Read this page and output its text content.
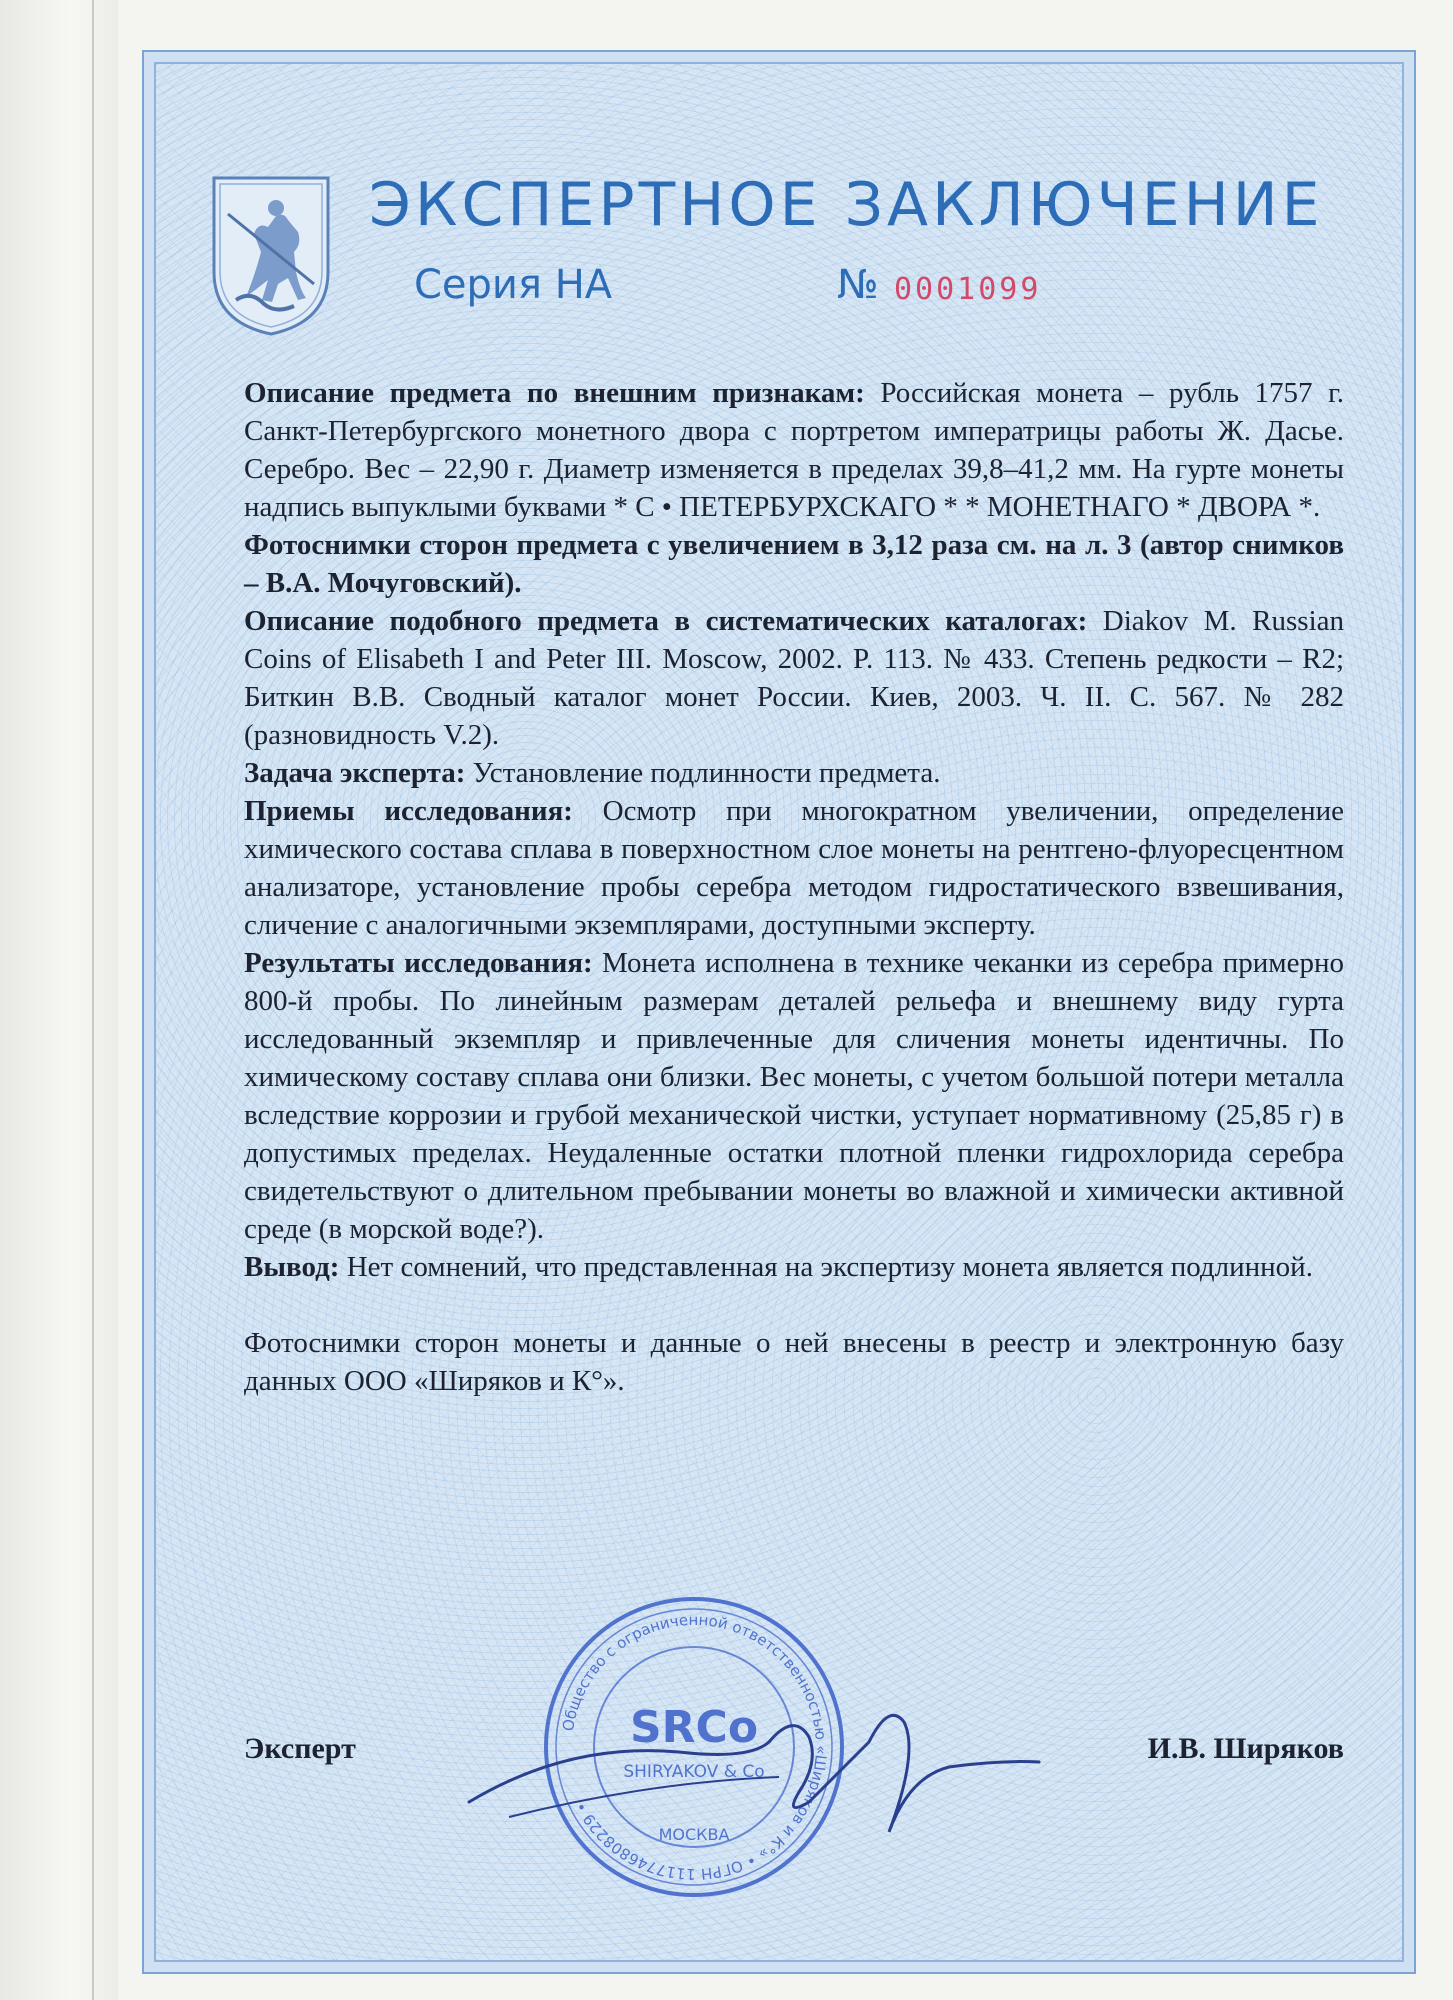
ЭКСПЕРТНОЕ ЗАКЛЮЧЕНИЕ
Серия НА	№ 0001099

Описание предмета по внешним признакам: Российская монета – рубль 1757 г. Санкт-Петербургского монетного двора с портретом императрицы работы Ж. Дасье. Серебро. Вес – 22,90 г. Диаметр изменяется в пределах 39,8–41,2 мм. На гурте монеты надпись выпуклыми буквами * С • ПЕТЕРБУРХСКАГО * * МОНЕТНАГО * ДВОРА *.

Фотоснимки сторон предмета с увеличением в 3,12 раза см. на л. 3 (автор снимков – В.А. Мочуговский).

Описание подобного предмета в систематических каталогах: Diakov M. Russian Coins of Elisabeth I and Peter III. Moscow, 2002. P. 113. № 433. Степень редкости – R2; Биткин В.В. Сводный каталог монет России. Киев, 2003. Ч. II. С. 567. № 282 (разновидность V.2).

Задача эксперта: Установление подлинности предмета.

Приемы исследования: Осмотр при многократном увеличении, определение химического состава сплава в поверхностном слое монеты на рентгено-флуоресцентном анализаторе, установление пробы серебра методом гидростатического взвешивания, сличение с аналогичными экземплярами, доступными эксперту.

Результаты исследования: Монета исполнена в технике чеканки из серебра примерно 800-й пробы. По линейным размерам деталей рельефа и внешнему виду гурта исследованный экземпляр и привлеченные для сличения монеты идентичны. По химическому составу сплава они близки. Вес монеты, с учетом большой потери металла вследствие коррозии и грубой механической чистки, уступает нормативному (25,85 г) в допустимых пределах. Неудаленные остатки плотной пленки гидрохлорида серебра свидетельствуют о длительном пребывании монеты во влажной и химически активной среде (в морской воде?).

Вывод: Нет сомнений, что представленная на экспертизу монета является подлинной.

Фотоснимки сторон монеты и данные о ней внесены в реестр и электронную базу данных ООО «Ширяков и К°».

Общество с ограниченной ответственностью «Ширяков и К°» • ОГРН 1117746808229 •
SRCo
SHIRYAKOV & Co
МОСКВА
Эксперт	И.В. Ширяков
